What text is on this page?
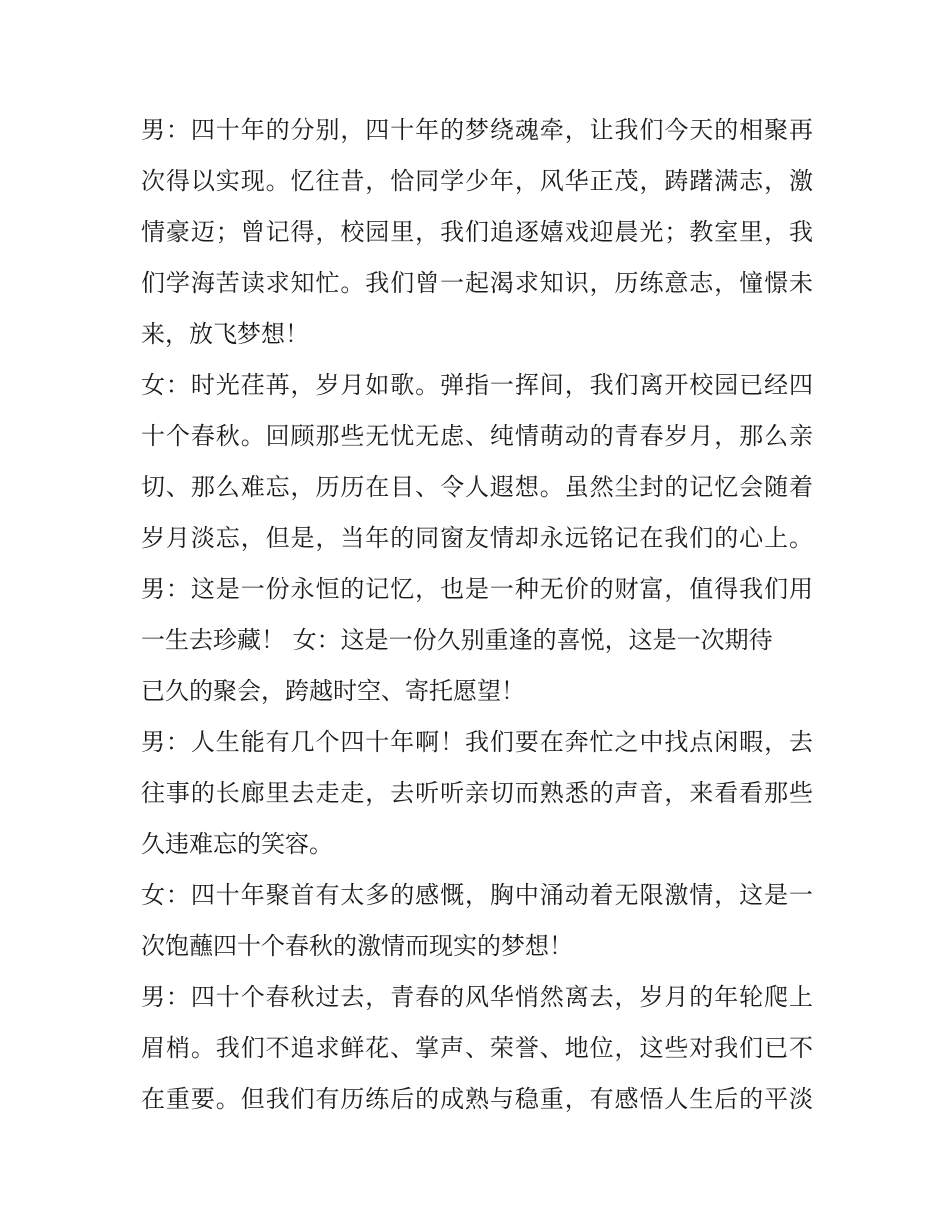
男：四十年的分别，四十年的梦绕魂牵，让我们今天的相聚再
次得以实现。忆往昔，恰同学少年，风华正茂，踌躇满志，激
情豪迈；曾记得，校园里，我们追逐嬉戏迎晨光；教室里，我
们学海苦读求知忙。我们曾一起渴求知识，历练意志，憧憬未
来，放飞梦想！
女：时光荏苒，岁月如歌。弹指一挥间，我们离开校园已经四
十个春秋。回顾那些无忧无虑、纯情萌动的青春岁月，那么亲
切、那么难忘，历历在目、令人遐想。虽然尘封的记忆会随着
岁月淡忘，但是，当年的同窗友情却永远铭记在我们的心上。
男：这是一份永恒的记忆，也是一种无价的财富，值得我们用
一生去珍藏！ 女：这是一份久别重逢的喜悦，这是一次期待
已久的聚会，跨越时空、寄托愿望！
男：人生能有几个四十年啊！我们要在奔忙之中找点闲暇，去
往事的长廊里去走走，去听听亲切而熟悉的声音，来看看那些
久违难忘的笑容。
女：四十年聚首有太多的感慨，胸中涌动着无限激情，这是一
次饱蘸四十个春秋的激情而现实的梦想！
男：四十个春秋过去，青春的风华悄然离去，岁月的年轮爬上
眉梢。我们不追求鲜花、掌声、荣誉、地位，这些对我们已不
在重要。但我们有历练后的成熟与稳重，有感悟人生后的平淡
